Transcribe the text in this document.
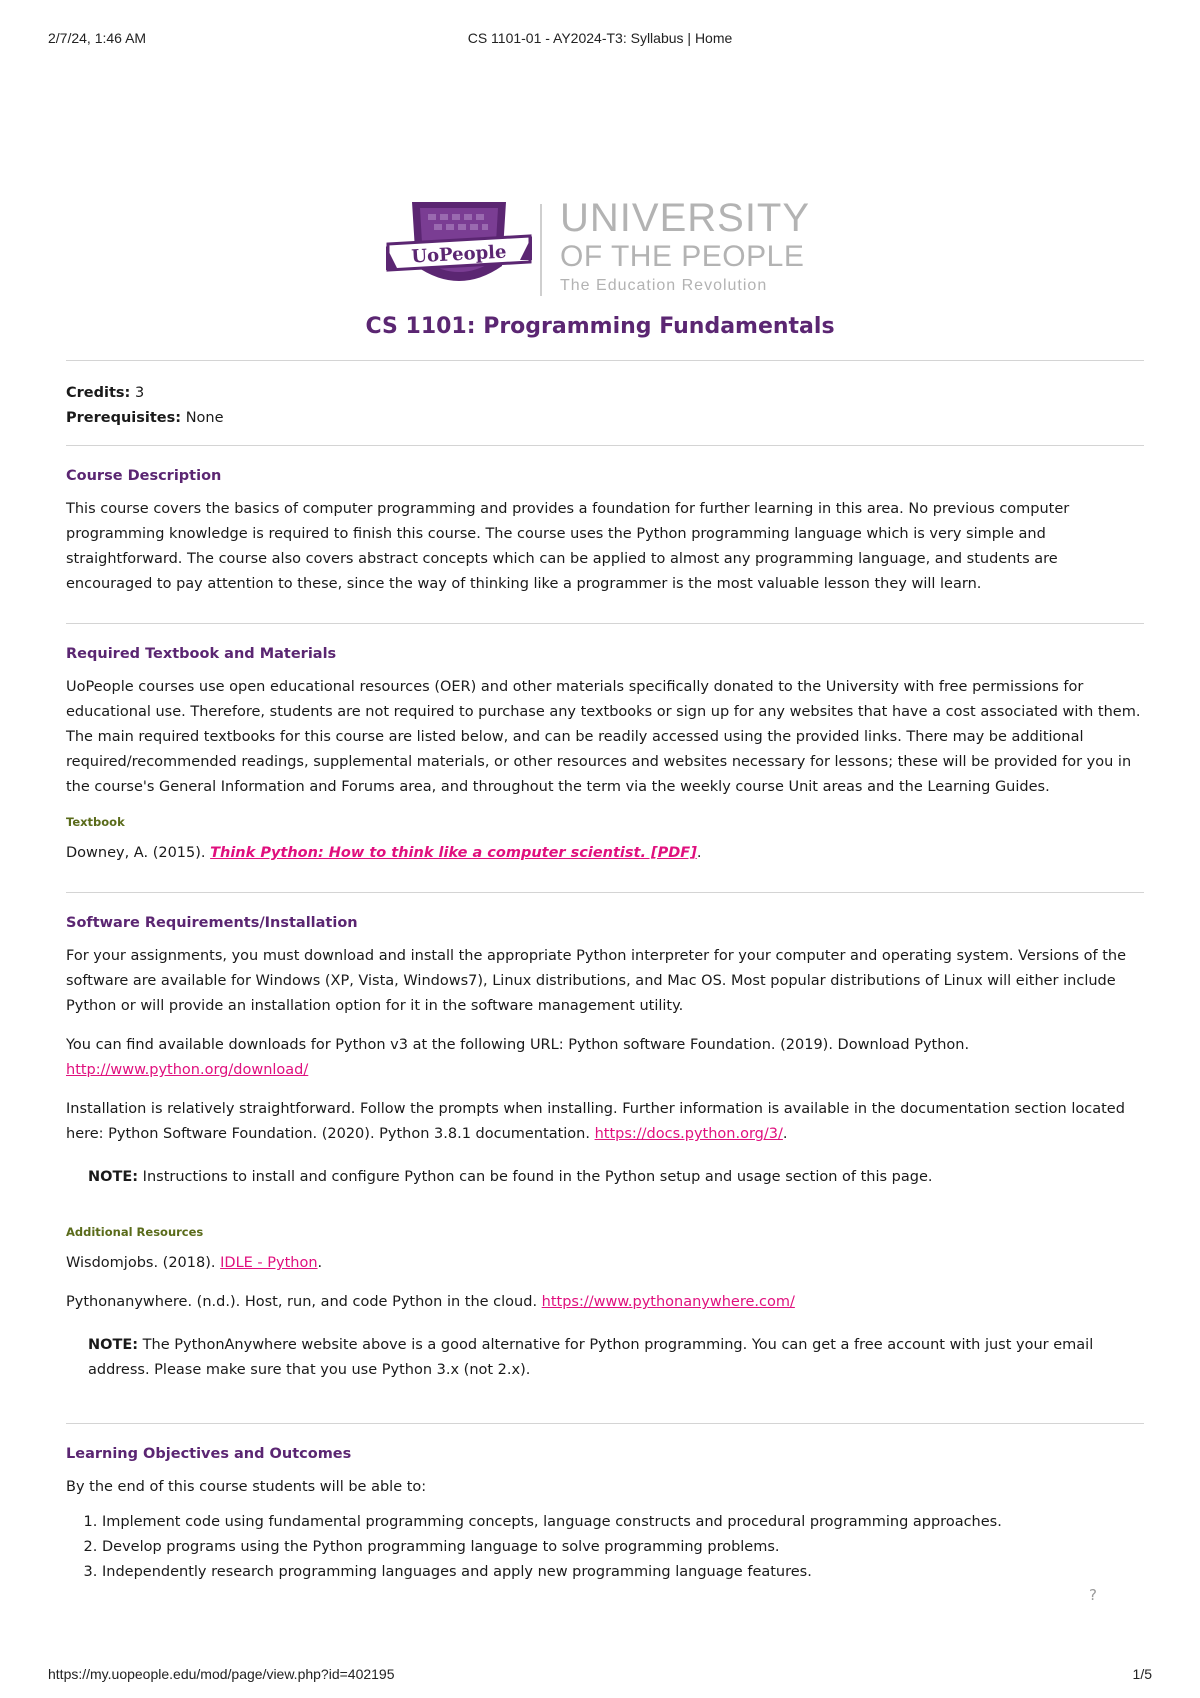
2/7/24, 1:46 AM	CS 1101-01 - AY2024-T3: Syllabus | Home
UoPeople
UNIVERSITY
OF THE PEOPLE
The Education Revolution
CS 1101: Programming Fundamentals
Credits: 3
Prerequisites: None
Course Description

This course covers the basics of computer programming and provides a foundation for further learning in this area. No previous computer programming knowledge is required to finish this course. The course uses the Python programming language which is very simple and straightforward. The course also covers abstract concepts which can be applied to almost any programming language, and students are encouraged to pay attention to these, since the way of thinking like a programmer is the most valuable lesson they will learn.

Required Textbook and Materials

UoPeople courses use open educational resources (OER) and other materials specifically donated to the University with free permissions for educational use. Therefore, students are not required to purchase any textbooks or sign up for any websites that have a cost associated with them. The main required textbooks for this course are listed below, and can be readily accessed using the provided links. There may be additional required/recommended readings, supplemental materials, or other resources and websites necessary for lessons; these will be provided for you in the course's General Information and Forums area, and throughout the term via the weekly course Unit areas and the Learning Guides.

Textbook

Downey, A. (2015). Think Python: How to think like a computer scientist. [PDF].

Software Requirements/Installation

For your assignments, you must download and install the appropriate Python interpreter for your computer and operating system. Versions of the software are available for Windows (XP, Vista, Windows7), Linux distributions, and Mac OS. Most popular distributions of Linux will either include Python or will provide an installation option for it in the software management utility.

You can find available downloads for Python v3 at the following URL: Python software Foundation. (2019). Download Python. http://www.python.org/download/

Installation is relatively straightforward. Follow the prompts when installing. Further information is available in the documentation section located here: Python Software Foundation. (2020). Python 3.8.1 documentation. https://docs.python.org/3/.

NOTE: Instructions to install and configure Python can be found in the Python setup and usage section of this page.

Additional Resources

Wisdomjobs. (2018). IDLE - Python.

Pythonanywhere. (n.d.). Host, run, and code Python in the cloud. https://www.pythonanywhere.com/

NOTE: The PythonAnywhere website above is a good alternative for Python programming. You can get a free account with just your email address. Please make sure that you use Python 3.x (not 2.x).

Learning Objectives and Outcomes

By the end of this course students will be able to:

1. Implement code using fundamental programming concepts, language constructs and procedural programming approaches.
2. Develop programs using the Python programming language to solve programming problems.
3. Independently research programming languages and apply new programming language features.
?
https://my.uopeople.edu/mod/page/view.php?id=402195	1/5
